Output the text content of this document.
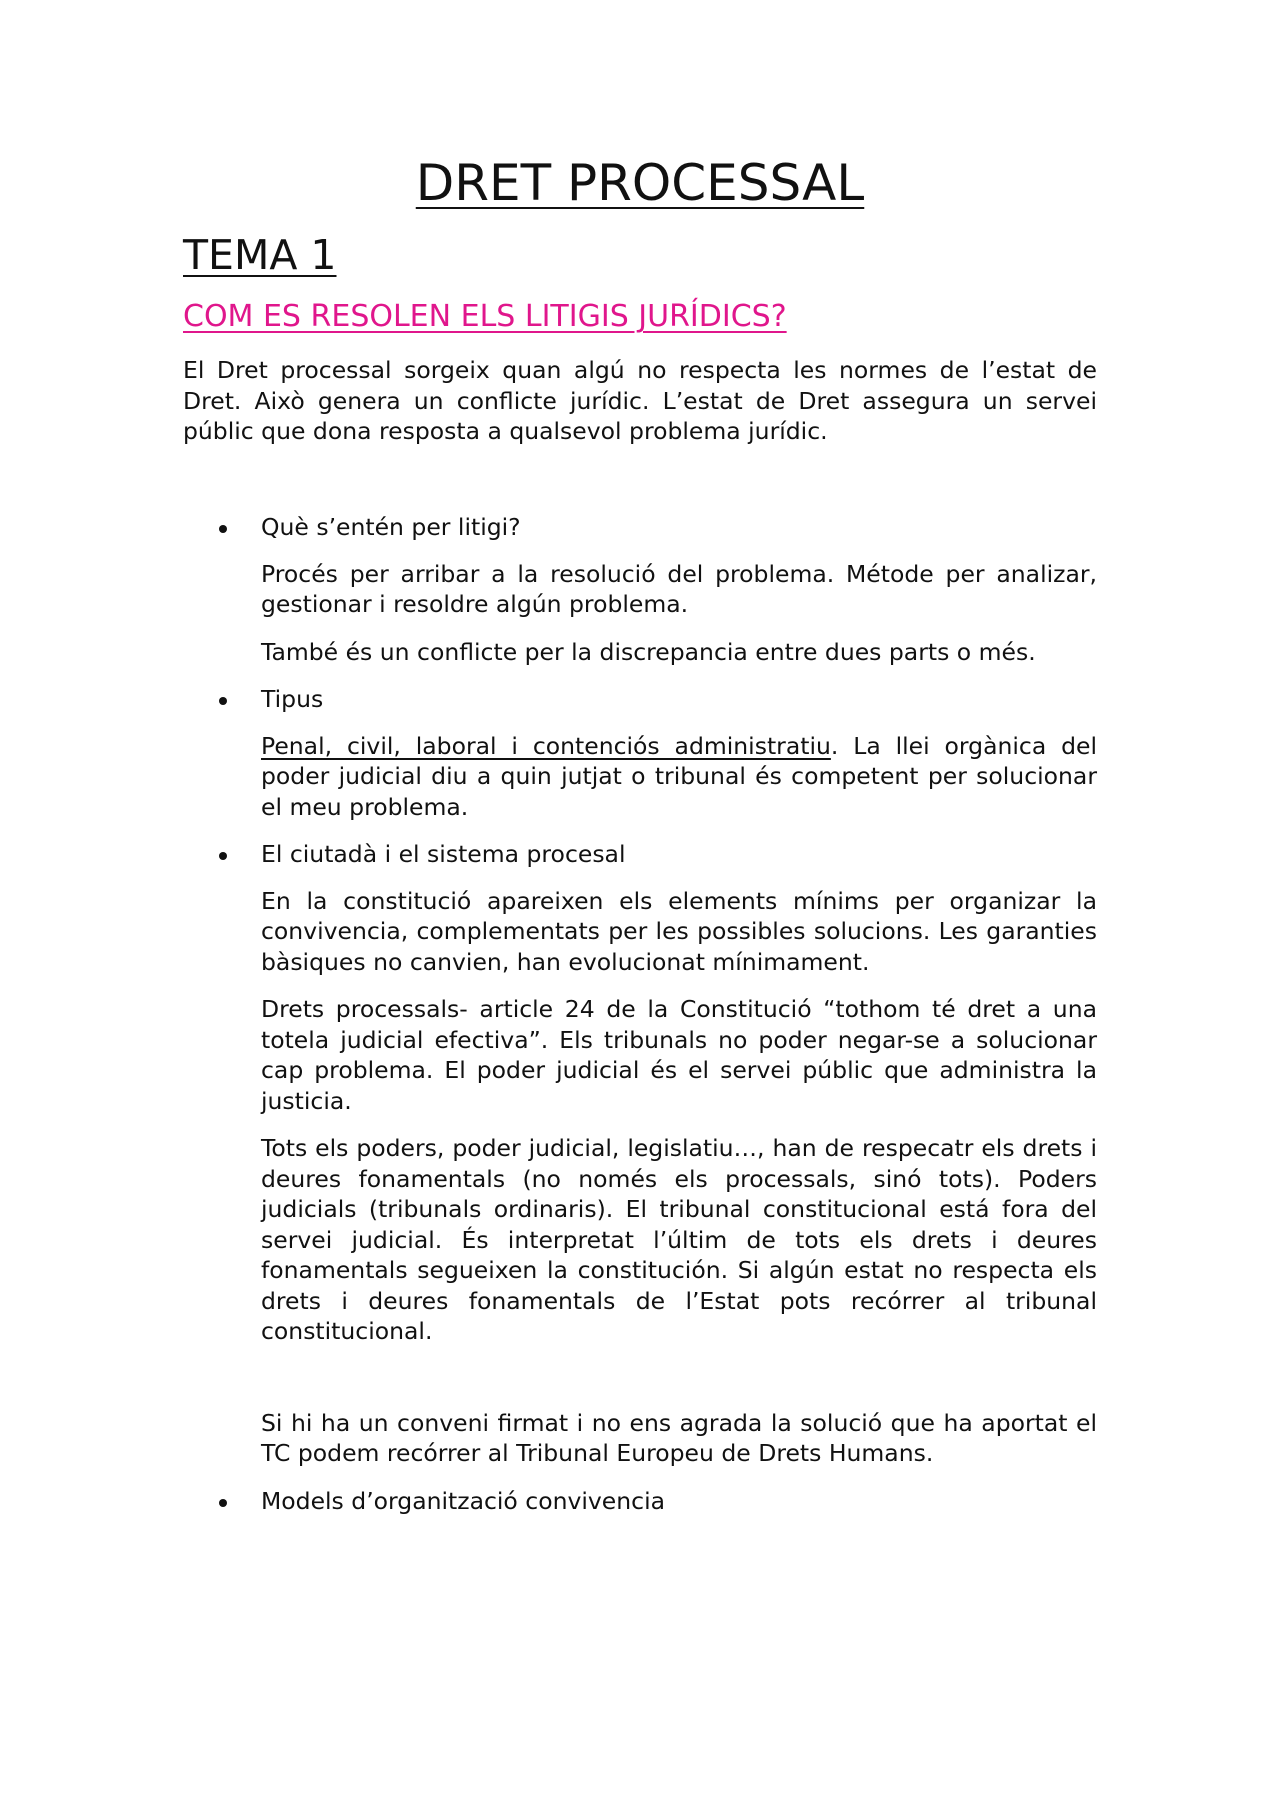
DRET PROCESSAL
TEMA 1
COM ES RESOLEN ELS LITIGIS JURÍDICS?

El Dret processal sorgeix quan algú no respecta les normes de l’estat de Dret. Això genera un conflicte jurídic. L’estat de Dret assegura un servei públic que dona resposta a qualsevol problema jurídic.

Què s’entén per litigi?

Procés per arribar a la resolució del problema. Métode per analizar, gestionar i resoldre algún problema.

També és un conflicte per la discrepancia entre dues parts o més.

Tipus

Penal, civil, laboral i contenciós administratiu. La llei orgànica del poder judicial diu a quin jutjat o tribunal és competent per solucionar el meu problema.

El ciutadà i el sistema procesal

En la constitució apareixen els elements mínims per organizar la convivencia, complementats per les possibles solucions. Les garanties bàsiques no canvien, han evolucionat mínimament.

Drets processals- article 24 de la Constitució “tothom té dret a una totela judicial efectiva”. Els tribunals no poder negar-se a solucionar cap problema. El poder judicial és el servei públic que administra la justicia.

Tots els poders, poder judicial, legislatiu…, han de respecatr els drets i deures fonamentals (no només els processals, sinó tots). Poders judicials (tribunals ordinaris). El tribunal constitucional está fora del servei judicial. És interpretat l’últim de tots els drets i deures fonamentals segueixen la constitución. Si algún estat no respecta els drets i deures fonamentals de l’Estat pots recórrer al tribunal constitucional.

Si hi ha un conveni firmat i no ens agrada la solució que ha aportat el TC podem recórrer al Tribunal Europeu de Drets Humans.

Models d’organització convivencia
